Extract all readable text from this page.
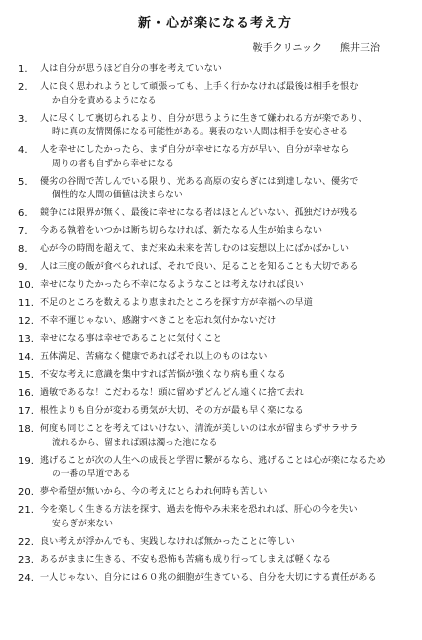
新・心が楽になる考え方
鞍手クリニック 熊井三治
1.	人は自分が思うほど自分の事を考えていない
2.	人に良く思われようとして頑張っても、上手く行かなければ最後は相手を恨む
か自分を責めるようになる
3.	人に尽くして裏切られるより、自分が思うように生きて嫌われる方が楽であり、
時に真の友情関係になる可能性がある。裏表のない人間は相手を安心させる
4.	人を幸せにしたかったら、まず自分が幸せになる方が早い、自分が幸せなら
周りの者も自ずから幸せになる
5.	優劣の谷間で苦しんでいる限り、光ある高原の安らぎには到達しない、優劣で
個性的な人間の価値は決まらない
6.	競争には限界が無く、最後に幸せになる者はほとんどいない、孤独だけが残る
7.	今ある執着をいつかは断ち切らなければ、新たなる人生が始まらない
8.	心が今の時間を超えて、まだ来ぬ未来を苦しむのは妄想以上にばかばかしい
9.	人は三度の飯が食べられれば、それで良い、足ることを知ることも大切である
10. 幸せになりたかったら不幸になるようなことは考えなければ良い
11. 不足のところを数えるより恵まれたところを探す方が幸福への早道
12. 不幸不運じゃない、感謝すべきことを忘れ気付かないだけ
13. 幸せになる事は幸せであることに気付くこと
14. 五体満足、苦痛なく健康であればそれ以上のものはない
15. 不安な考えに意識を集中すれば苦悩が強くなり病も重くなる
16. 過敏であるな！こだわるな！頭に留めずどんどん遠くに捨て去れ
17. 根性よりも自分が変わる勇気が大切、その方が最も早く楽になる
18. 何度も同じことを考えてはいけない、清流が美しいのは水が留まらずサラサラ
流れるから、留まれば頭は濁った池になる
19. 逃げることが次の人生への成長と学習に繋がるなら、逃げることは心が楽になるため
の一番の早道である
20. 夢や希望が無いから、今の考えにとらわれ何時も苦しい
21. 今を楽しく生きる方法を探す、過去を悔やみ未来を恐れれば、肝心の今を失い
安らぎが来ない
22. 良い考えが浮かんでも、実践しなければ無かったことに等しい
23. あるがままに生きる、不安も恐怖も苦痛も成り行ってしまえば軽くなる
24. 一人じゃない、自分には６０兆の細胞が生きている、自分を大切にする責任がある
